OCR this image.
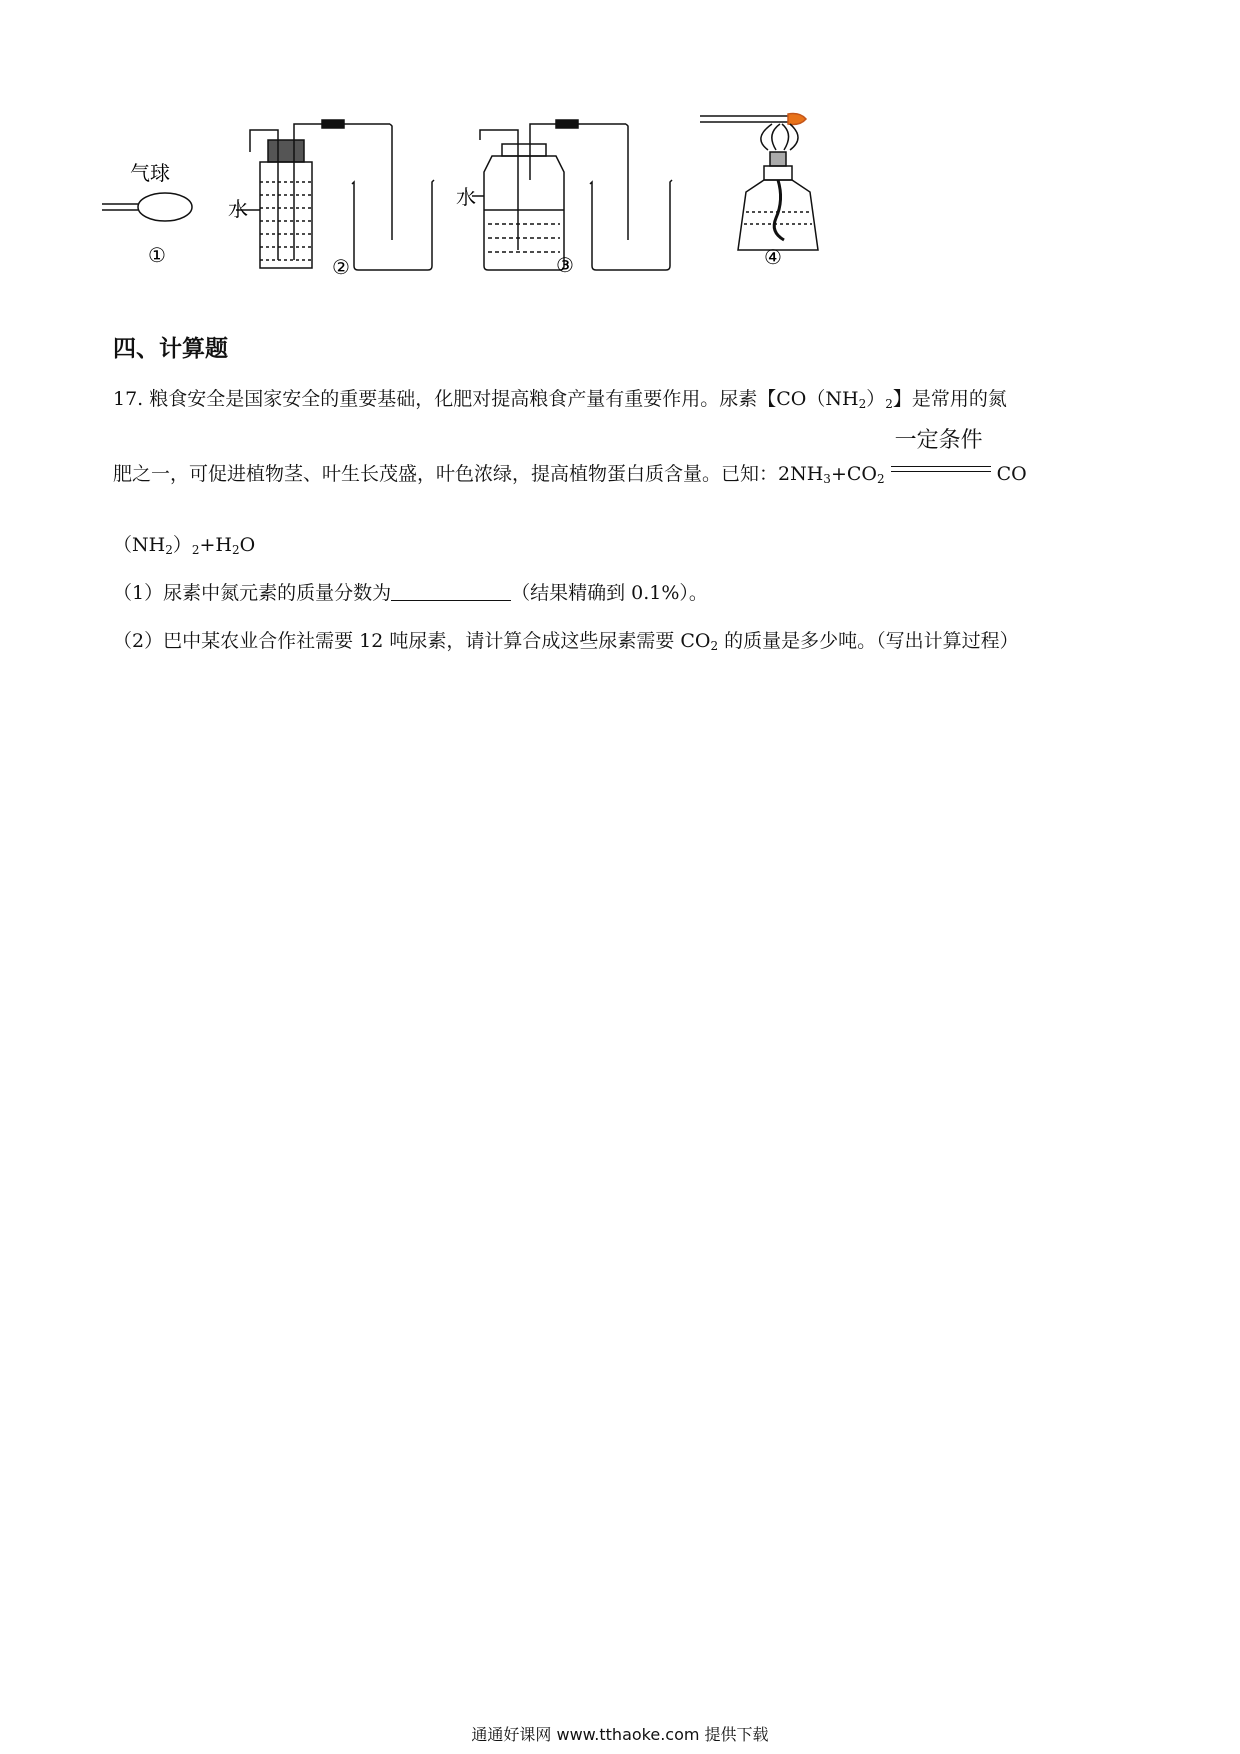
气球
水	水
①	②	③	④
四、计算题
17. 粮食安全是国家安全的重要基础，化肥对提高粮食产量有重要作用。尿素【$CO(NH_2)_2$】是常用的氮
肥之一，可促进植物茎、叶生长茂盛，叶色浓绿，提高植物蛋白质含量。已知：$2NH_3+CO_2$
一定条件
CO
$(NH_2)_2+H_2O$
（1）尿素中氮元素的质量分数为	（结果精确到 0.1%）。
（2）巴中某农业合作社需要 12 吨尿素，请计算合成这些尿素需要 $CO_2$ 的质量是多少吨。（写出计算过程）
通通好课网 www.tthaoke.com 提供下载
